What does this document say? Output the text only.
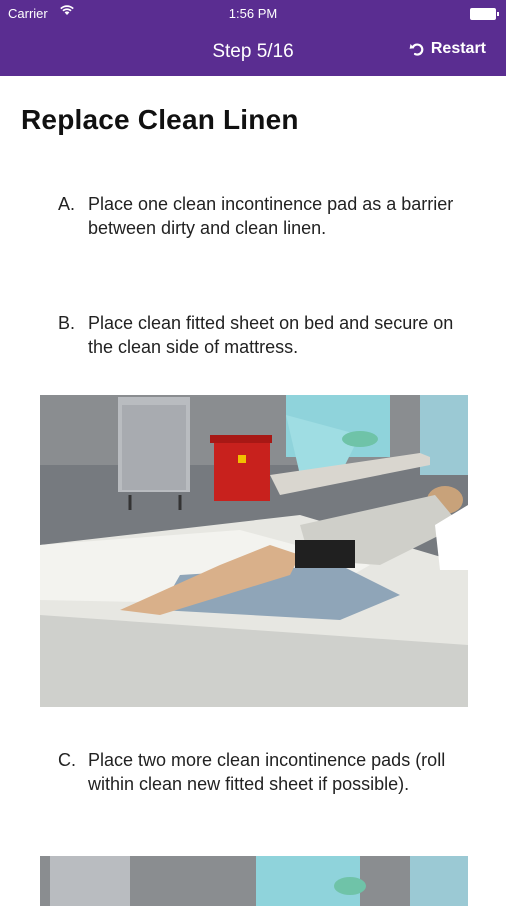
Carrier	1:56 PM
Step 5/16	Restart
Replace Clean Linen
A. Place one clean incontinence pad as a barrier between dirty and clean linen.
B. Place clean fitted sheet on bed and secure on the clean side of mattress.
C. Place two more clean incontinence pads (roll within clean new fitted sheet if possible).
